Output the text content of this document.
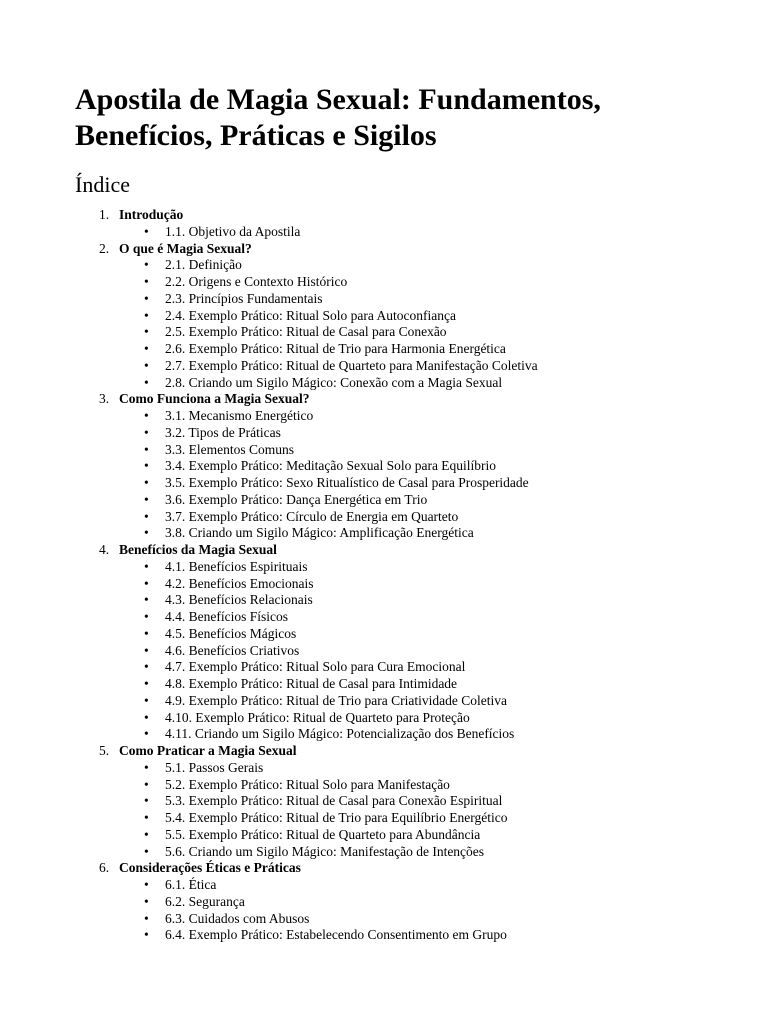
Apostila de Magia Sexual: Fundamentos, Benefícios, Práticas e Sigilos
Índice
1. Introdução
• 1.1. Objetivo da Apostila
2. O que é Magia Sexual?
• 2.1. Definição
• 2.2. Origens e Contexto Histórico
• 2.3. Princípios Fundamentais
• 2.4. Exemplo Prático: Ritual Solo para Autoconfiança
• 2.5. Exemplo Prático: Ritual de Casal para Conexão
• 2.6. Exemplo Prático: Ritual de Trio para Harmonia Energética
• 2.7. Exemplo Prático: Ritual de Quarteto para Manifestação Coletiva
• 2.8. Criando um Sigilo Mágico: Conexão com a Magia Sexual
3. Como Funciona a Magia Sexual?
• 3.1. Mecanismo Energético
• 3.2. Tipos de Práticas
• 3.3. Elementos Comuns
• 3.4. Exemplo Prático: Meditação Sexual Solo para Equilíbrio
• 3.5. Exemplo Prático: Sexo Ritualístico de Casal para Prosperidade
• 3.6. Exemplo Prático: Dança Energética em Trio
• 3.7. Exemplo Prático: Círculo de Energia em Quarteto
• 3.8. Criando um Sigilo Mágico: Amplificação Energética
4. Benefícios da Magia Sexual
• 4.1. Benefícios Espirituais
• 4.2. Benefícios Emocionais
• 4.3. Benefícios Relacionais
• 4.4. Benefícios Físicos
• 4.5. Benefícios Mágicos
• 4.6. Benefícios Criativos
• 4.7. Exemplo Prático: Ritual Solo para Cura Emocional
• 4.8. Exemplo Prático: Ritual de Casal para Intimidade
• 4.9. Exemplo Prático: Ritual de Trio para Criatividade Coletiva
• 4.10. Exemplo Prático: Ritual de Quarteto para Proteção
• 4.11. Criando um Sigilo Mágico: Potencialização dos Benefícios
5. Como Praticar a Magia Sexual
• 5.1. Passos Gerais
• 5.2. Exemplo Prático: Ritual Solo para Manifestação
• 5.3. Exemplo Prático: Ritual de Casal para Conexão Espiritual
• 5.4. Exemplo Prático: Ritual de Trio para Equilíbrio Energético
• 5.5. Exemplo Prático: Ritual de Quarteto para Abundância
• 5.6. Criando um Sigilo Mágico: Manifestação de Intenções
6. Considerações Éticas e Práticas
• 6.1. Ética
• 6.2. Segurança
• 6.3. Cuidados com Abusos
• 6.4. Exemplo Prático: Estabelecendo Consentimento em Grupo
